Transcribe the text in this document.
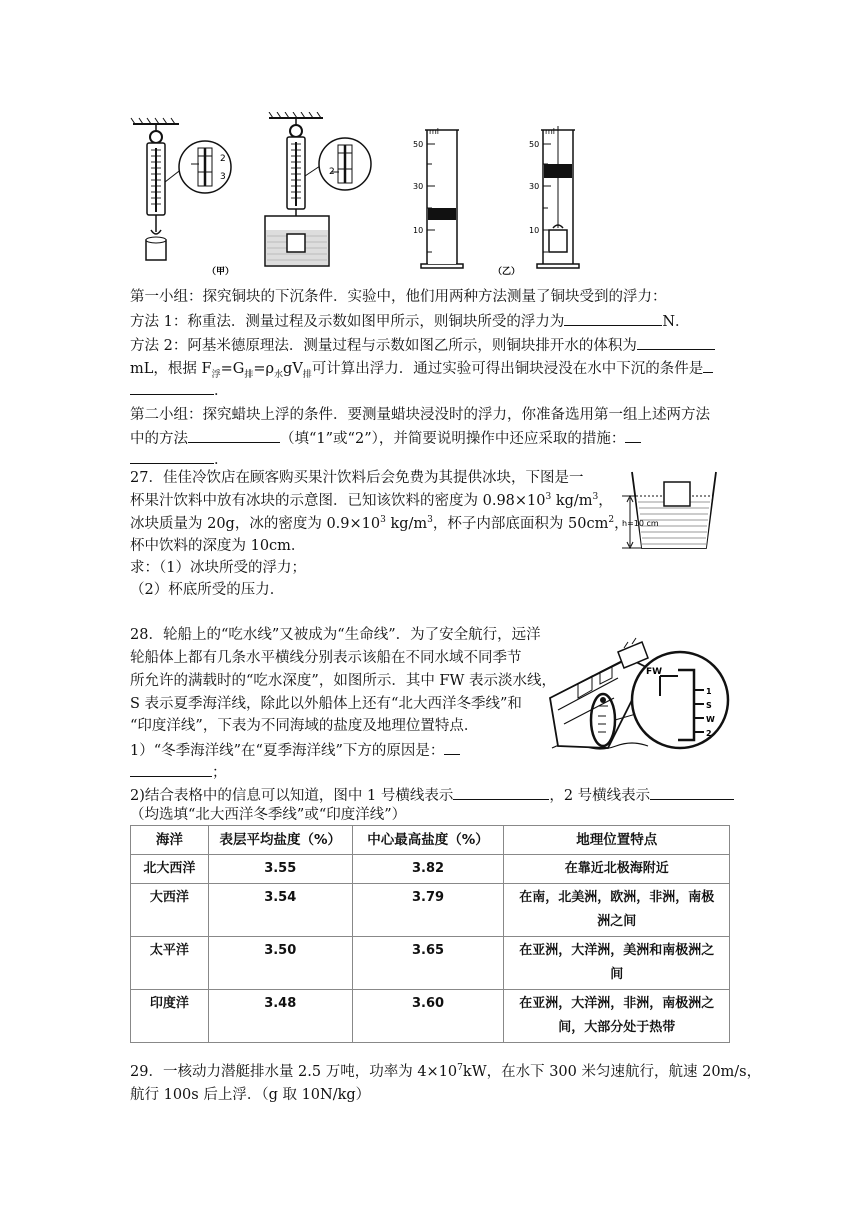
2
3	2
（甲）
ml
50
30
10
ml
50
30
10
（乙）
第一小组：探究铜块的下沉条件．实验中，他们用两种方法测量了铜块受到的浮力：
方法 1：称重法．测量过程及示数如图甲所示，则铜块所受的浮力为	N．
方法 2：阿基米德原理法．测量过程与示数如图乙所示，则铜块排开水的体积为
mL，根据 $F_浮=G_排=\rho_水gV_排$可计算出浮力．通过实验可得出铜块浸没在水中下沉的条件是
．
第二小组：探究蜡块上浮的条件．要测量蜡块浸没时的浮力，你准备选用第一组上述两方法
中的方法	（填“1”或“2”），并简要说明操作中还应采取的措施：
．
27．佳佳冷饮店在顾客购买果汁饮料后会免费为其提供冰块，下图是一
杯果汁饮料中放有冰块的示意图．已知该饮料的密度为 $0.98\times 10^3$ $kg/m^3$，
冰块质量为 20g，冰的密度为 $0.9\times 10^3$ $kg/m^3$，杯子内部底面积为 $50cm^2$，
杯中饮料的深度为 10cm．
求：（1）冰块所受的浮力；
（2）杯底所受的压力．
h=10 cm
28．轮船上的“吃水线”又被成为“生命线”．为了安全航行，远洋
轮船体上都有几条水平横线分别表示该船在不同水域不同季节
所允许的满载时的“吃水深度”，如图所示．其中 FW 表示淡水线，
S 表示夏季海洋线，除此以外船体上还有“北大西洋冬季线”和
“印度洋线”，下表为不同海域的盐度及地理位置特点．
1）“冬季海洋线”在“夏季海洋线”下方的原因是：
；
2)结合表格中的信息可以知道，图中 1 号横线表示	，2 号横线表示
（均选填“北大西洋冬季线”或“印度洋线”）
FW
1
S
W
2
海洋	表层平均盐度（%）	中心最高盐度（%）	地理位置特点
北大西洋	3.55	3.82	在靠近北极海附近
大西洋	3.54	3.79	在南，北美洲，欧洲，非洲，南极
洲之间
太平洋	3.50	3.65	在亚洲，大洋洲，美洲和南极洲之
间
印度洋	3.48	3.60	在亚洲，大洋洲，非洲，南极洲之
间，大部分处于热带
29．一核动力潜艇排水量 2.5 万吨，功率为 $4\times 10^7kW$，在水下 300 米匀速航行，航速 20m/s，
航行 100s 后上浮．（g 取 10N/kg）
